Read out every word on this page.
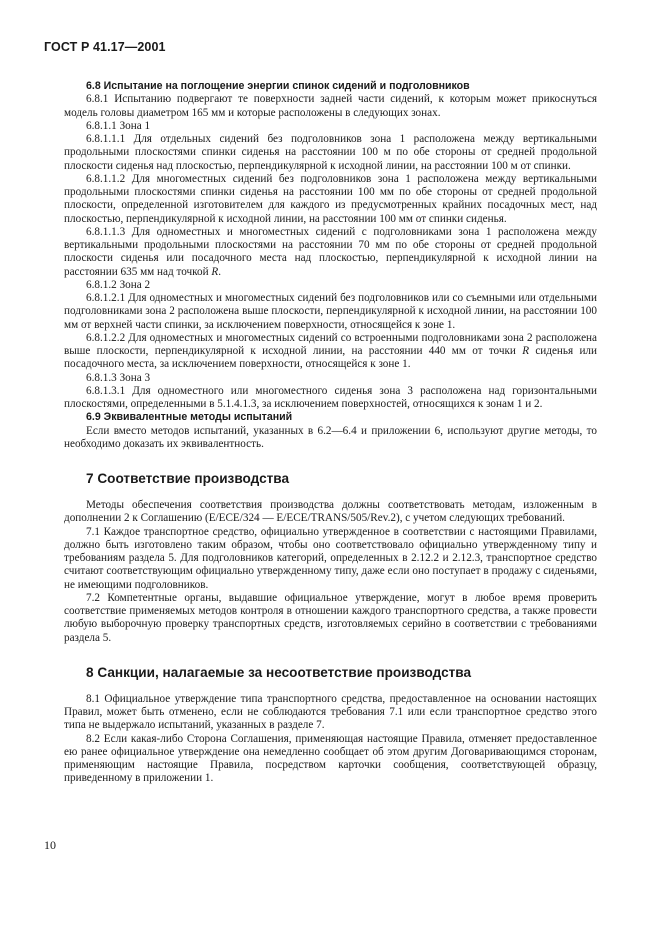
ГОСТ Р 41.17—2001

6.8 Испытание на поглощение энергии спинок сидений и подголовников

6.8.1 Испытанию подвергают те поверхности задней части сидений, к которым может прикоснуться модель головы диаметром 165 мм и которые расположены в следующих зонах.

6.8.1.1 Зона 1

6.8.1.1.1 Для отдельных сидений без подголовников зона 1 расположена между вертикальными продольными плоскостями спинки сиденья на расстоянии 100 м по обе стороны от средней продольной плоскости сиденья над плоскостью, перпендикулярной к исходной линии, на расстоянии 100 м от спинки.

6.8.1.1.2 Для многоместных сидений без подголовников зона 1 расположена между вертикальными продольными плоскостями спинки сиденья на расстоянии 100 мм по обе стороны от средней продольной плоскости, определенной изготовителем для каждого из предусмотренных крайних посадочных мест, над плоскостью, перпендикулярной к исходной линии, на расстоянии 100 мм от спинки сиденья.

6.8.1.1.3 Для одноместных и многоместных сидений с подголовниками зона 1 расположена между вертикальными продольными плоскостями на расстоянии 70 мм по обе стороны от средней продольной плоскости сиденья или посадочного места над плоскостью, перпендикулярной к исходной линии на расстоянии 635 мм над точкой R.

6.8.1.2 Зона 2

6.8.1.2.1 Для одноместных и многоместных сидений без подголовников или со съемными или отдельными подголовниками зона 2 расположена выше плоскости, перпендикулярной к исходной линии, на расстоянии 100 мм от верхней части спинки, за исключением поверхности, относящейся к зоне 1.

6.8.1.2.2 Для одноместных и многоместных сидений со встроенными подголовниками зона 2 расположена выше плоскости, перпендикулярной к исходной линии, на расстоянии 440 мм от точки R сиденья или посадочного места, за исключением поверхности, относящейся к зоне 1.

6.8.1.3 Зона 3

6.8.1.3.1 Для одноместного или многоместного сиденья зона 3 расположена над горизонтальными плоскостями, определенными в 5.1.4.1.3, за исключением поверхностей, относящихся к зонам 1 и 2.

6.9 Эквивалентные методы испытаний

Если вместо методов испытаний, указанных в 6.2—6.4 и приложении 6, используют другие методы, то необходимо доказать их эквивалентность.

7 Соответствие производства

Методы обеспечения соответствия производства должны соответствовать методам, изложенным в дополнении 2 к Соглашению (E/ECE/324 — E/ECE/TRANS/505/Rev.2), с учетом следующих требований.

7.1 Каждое транспортное средство, официально утвержденное в соответствии с настоящими Правилами, должно быть изготовлено таким образом, чтобы оно соответствовало официально утвержденному типу и требованиям раздела 5. Для подголовников категорий, определенных в 2.12.2 и 2.12.3, транспортное средство считают соответствующим официально утвержденному типу, даже если оно поступает в продажу с сиденьями, не имеющими подголовников.

7.2 Компетентные органы, выдавшие официальное утверждение, могут в любое время проверить соответствие применяемых методов контроля в отношении каждого транспортного средства, а также провести любую выборочную проверку транспортных средств, изготовляемых серийно в соответствии с требованиями раздела 5.

8 Санкции, налагаемые за несоответствие производства

8.1 Официальное утверждение типа транспортного средства, предоставленное на основании настоящих Правил, может быть отменено, если не соблюдаются требования 7.1 или если транспортное средство этого типа не выдержало испытаний, указанных в разделе 7.

8.2 Если какая-либо Сторона Соглашения, применяющая настоящие Правила, отменяет предоставленное ею ранее официальное утверждение она немедленно сообщает об этом другим Договаривающимся сторонам, применяющим настоящие Правила, посредством карточки сообщения, соответствующей образцу, приведенному в приложении 1.

10
